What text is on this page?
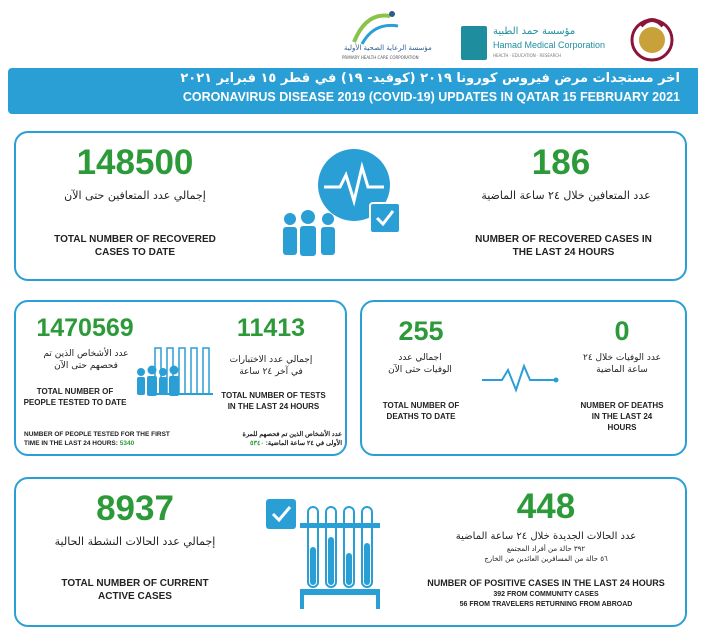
مؤسسة الرعاية الصحية الأولية
PRIMARY HEALTH CARE CORPORATION
مؤسسة حمد الطبية
Hamad Medical Corporation
HEALTH · EDUCATION · RESEARCH
اخر مستجدات مرض فيروس كورونا ٢٠١٩ (كوفيد- ١٩) في قطر ١٥ فبراير ٢٠٢١
CORONAVIRUS DISEASE 2019 (COVID-19) UPDATES IN QATAR 15 FEBRUARY 2021
148500
إجمالي عدد المتعافين حتى الآن
TOTAL NUMBER OF RECOVERED
CASES TO DATE
186
عدد المتعافين خلال ٢٤ ساعة الماضية
NUMBER OF RECOVERED CASES IN
THE LAST 24 HOURS
1470569
عدد الأشخاص الذين تم
فحصهم حتى الآن
TOTAL NUMBER OF
PEOPLE TESTED TO DATE
11413
إجمالي عدد الاختبارات
في آخر ٢٤ ساعة
TOTAL NUMBER OF TESTS
IN THE LAST 24 HOURS
NUMBER OF PEOPLE TESTED FOR THE FIRST
TIME IN THE LAST 24 HOURS: 5340
عدد الأشخاص الذين تم فحصهم للمرة
الأولى في ٢٤ ساعة الماضية: ٥٣٤٠
255
اجمالي عدد
الوفيات حتى الآن
TOTAL NUMBER OF
DEATHS TO DATE
0
عدد الوفيات خلال ٢٤
ساعة الماضية
NUMBER OF DEATHS
IN THE LAST 24
HOURS
8937
إجمالي عدد الحالات النشطة الحالية
TOTAL NUMBER OF CURRENT
ACTIVE CASES
448
عدد الحالات الجديدة خلال ٢٤ ساعة الماضية
٣٩٢ حالة من أفراد المجتمع
٥٦ حالة من المسافرين العائدين من الخارج
NUMBER OF POSITIVE CASES IN THE LAST 24 HOURS
392 FROM COMMUNITY CASES
56 FROM TRAVELERS RETURNING FROM ABROAD
